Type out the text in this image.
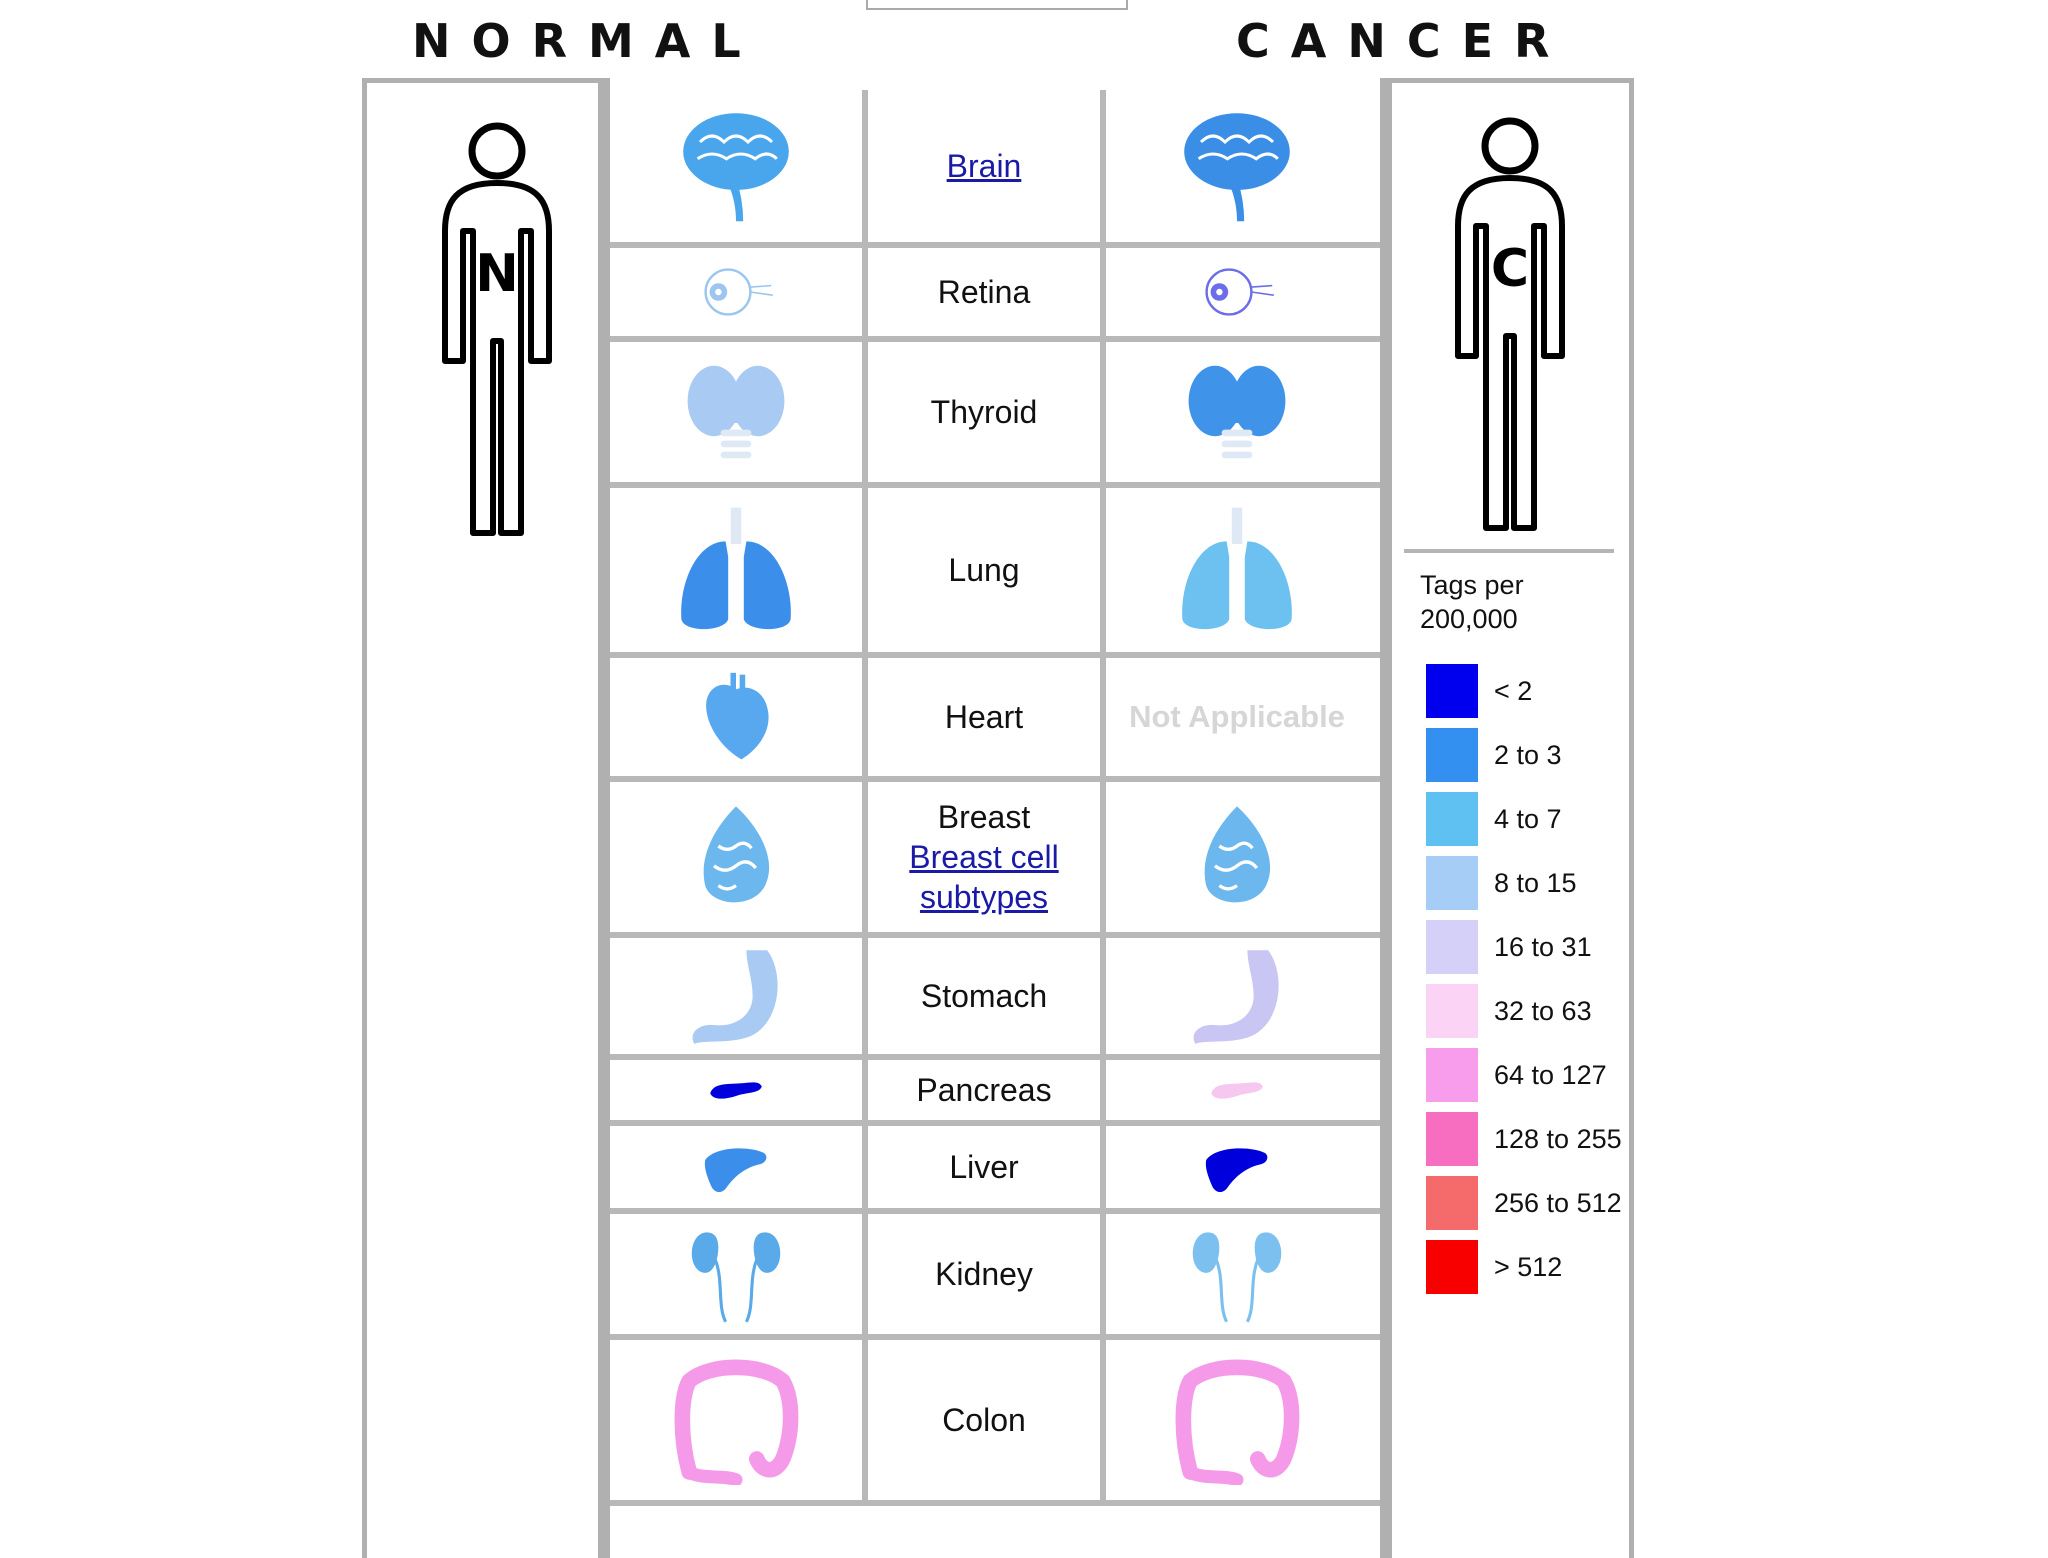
NORMAL	CANCER
N	C
Brain
Retina
Thyroid
Lung
Heart	Not Applicable
Breast
Breast cell
subtypes
Stomach
Pancreas
Liver
Kidney
Colon
Tags per
200,000
< 2
2 to 3
4 to 7
8 to 15
16 to 31
32 to 63
64 to 127
128 to 255
256 to 512
> 512
